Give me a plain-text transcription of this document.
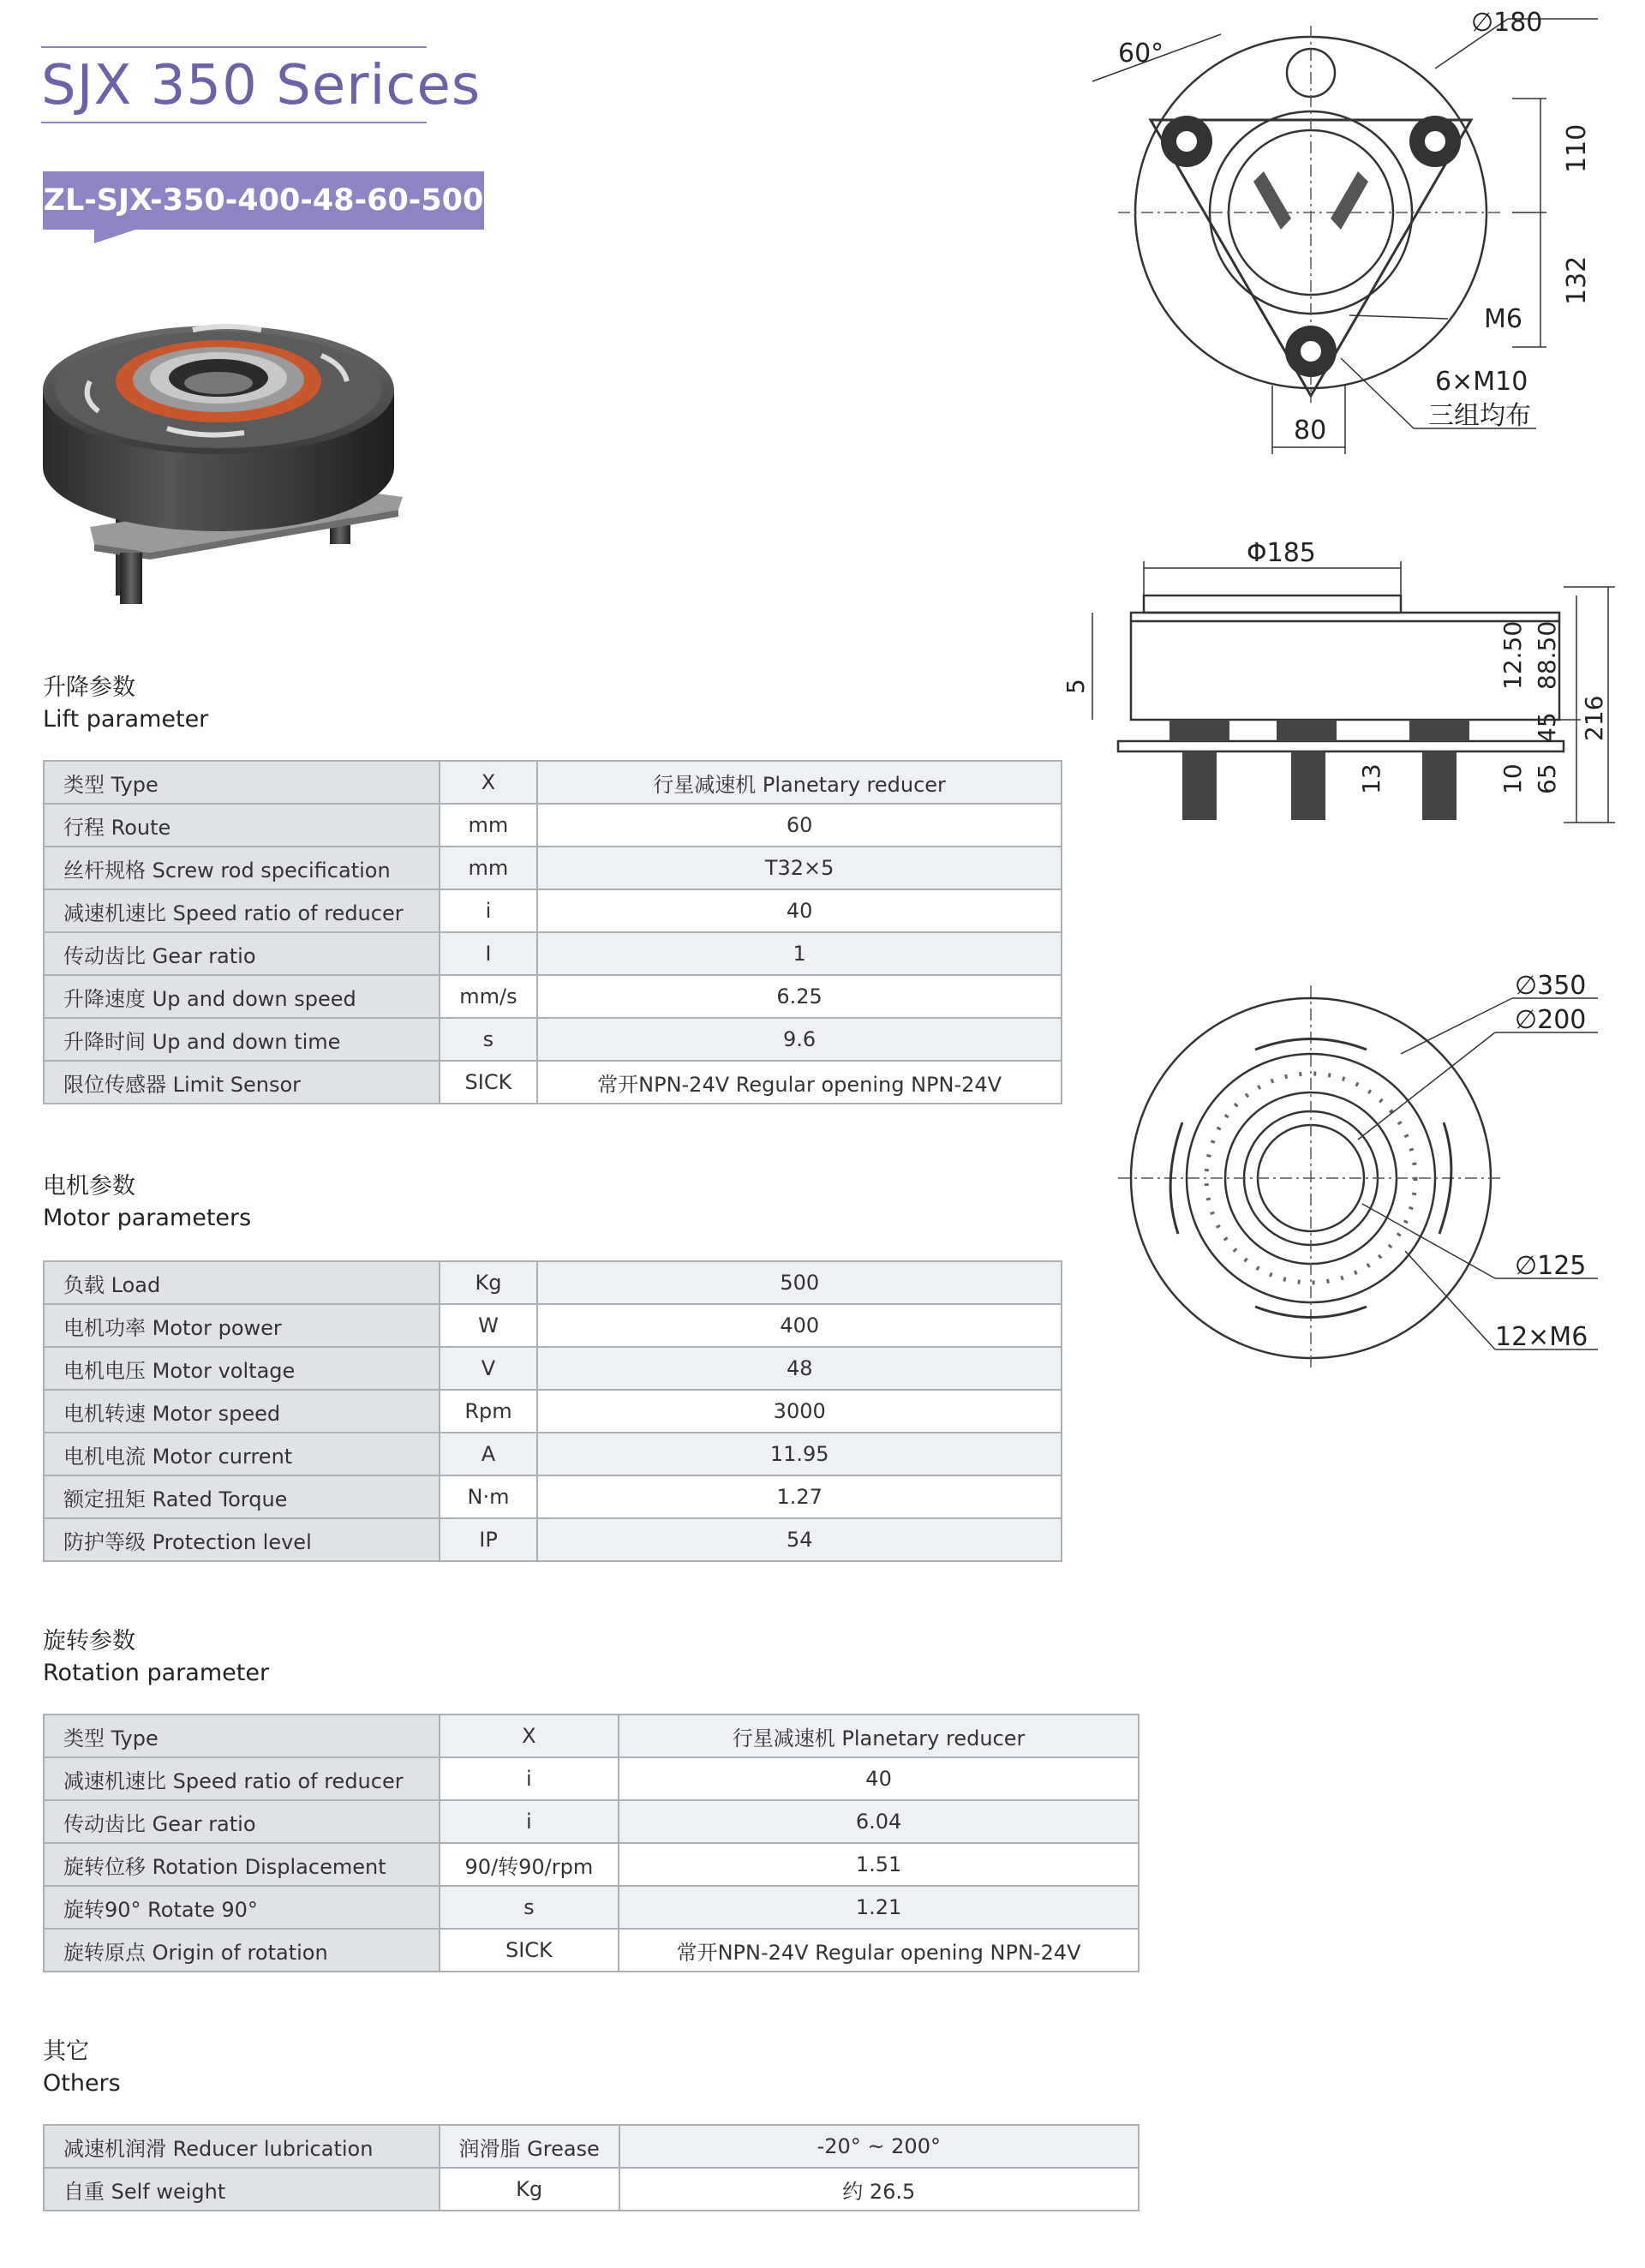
SJX 350 Serices
ZL-SJX-350-400-48-60-500
60°
∅180
110
132
M6
6×M10
三组均布
80
Φ185
5	12.50 88.50
216
45
13	10 65
∅350
∅200
∅125
12×M6
升降参数
Lift parameter
类型 Type	X	行星减速机 Planetary reducer
行程 Route	mm	60
丝杆规格 Screw rod specification	mm	T32×5
减速机速比 Speed ratio of reducer	i	40
传动齿比 Gear ratio	I	1
升降速度 Up and down speed	mm/s	6.25
升降时间 Up and down time	s	9.6
限位传感器 Limit Sensor	SICK	常开NPN-24V Regular opening NPN-24V
电机参数
Motor parameters
负载 Load	Kg	500
电机功率 Motor power	W	400
电机电压 Motor voltage	V	48
电机转速 Motor speed	Rpm	3000
电机电流 Motor current	A	11.95
额定扭矩 Rated Torque	N·m	1.27
防护等级 Protection level	IP	54
旋转参数
Rotation parameter
类型 Type	X	行星减速机 Planetary reducer
减速机速比 Speed ratio of reducer	i	40
传动齿比 Gear ratio	i	6.04
旋转位移 Rotation Displacement	90/转90/rpm	1.51
旋转90° Rotate 90°	s	1.21
旋转原点 Origin of rotation	SICK	常开NPN-24V Regular opening NPN-24V
其它
Others
减速机润滑 Reducer lubrication	润滑脂 Grease	-20° ~ 200°
自重 Self weight	Kg	约 26.5
